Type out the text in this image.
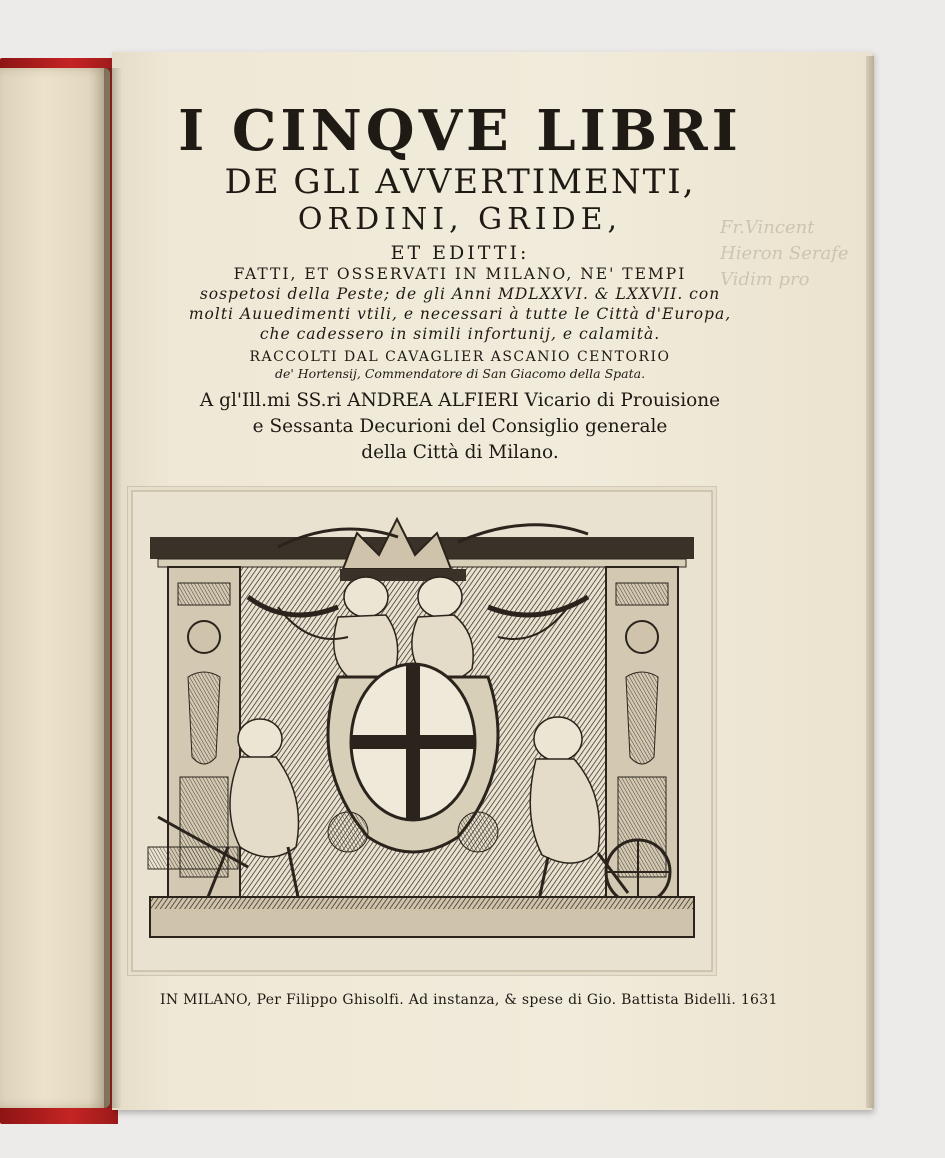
Fr.Vincent
Hieron Serafe
Vidim pro

I CINQVE LIBRI

DE GLI AVVERTIMENTI,

ORDINI, GRIDE,

ET EDITTI:

FATTI, ET OSSERVATI IN MILANO, NE' TEMPI

sospetosi della Peste; de gli Anni MDLXXVI. & LXXVII. con

molti Auuedimenti vtili, e necessari à tutte le Città d'Europa,

che cadessero in simili infortunij, e calamità.

RACCOLTI DAL CAVAGLIER ASCANIO CENTORIO

de' Hortensij, Commendatore di San Giacomo della Spata.

A gl'Ill.mi SS.ri ANDREA ALFIERI Vicario di Prouisione

e Sessanta Decurioni del Consiglio generale

della Città di Milano.

IN MILANO, Per Filippo Ghisolfi. Ad instanza, & spese di Gio. Battista Bidelli. 1631
